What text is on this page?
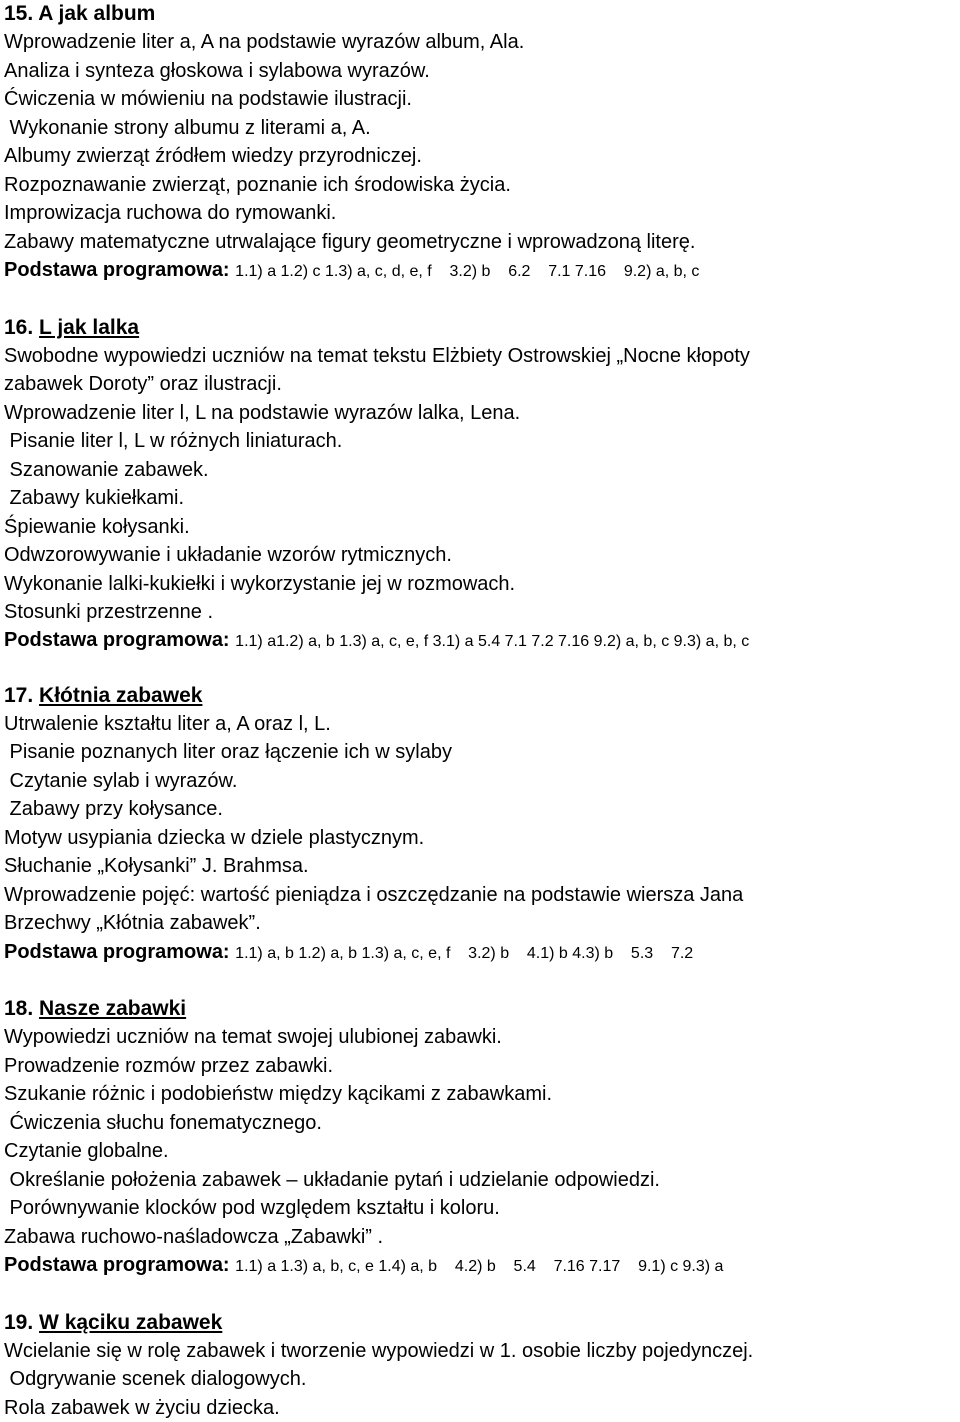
15. A jak album
Wprowadzenie liter a, A na podstawie wyrazów album, Ala.
Analiza i synteza głoskowa i sylabowa wyrazów.
Ćwiczenia w mówieniu na podstawie ilustracji.
Wykonanie strony albumu z literami a, A.
Albumy zwierząt źródłem wiedzy przyrodniczej.
Rozpoznawanie zwierząt, poznanie ich środowiska życia.
Improwizacja ruchowa do rymowanki.
Zabawy matematyczne utrwalające figury geometryczne i wprowadzoną literę.
Podstawa programowa: 1.1) a 1.2) c 1.3) a, c, d, e, f    3.2) b    6.2    7.1 7.16    9.2) a, b, c
16. L jak lalka
Swobodne wypowiedzi uczniów na temat tekstu Elżbiety Ostrowskiej „Nocne kłopoty
zabawek Doroty” oraz ilustracji.
Wprowadzenie liter l, L na podstawie wyrazów lalka, Lena.
Pisanie liter l, L w różnych liniaturach.
Szanowanie zabawek.
Zabawy kukiełkami.
Śpiewanie kołysanki.
Odwzorowywanie i układanie wzorów rytmicznych.
Wykonanie lalki-kukiełki i wykorzystanie jej w rozmowach.
Stosunki przestrzenne .
Podstawa programowa: 1.1) a1.2) a, b 1.3) a, c, e, f 3.1) a 5.4 7.1 7.2 7.16 9.2) a, b, c 9.3) a, b, c
17. Kłótnia zabawek
Utrwalenie kształtu liter a, A oraz l, L.
Pisanie poznanych liter oraz łączenie ich w sylaby
Czytanie sylab i wyrazów.
Zabawy przy kołysance.
Motyw usypiania dziecka w dziele plastycznym.
Słuchanie „Kołysanki” J. Brahmsa.
Wprowadzenie pojęć: wartość pieniądza i oszczędzanie na podstawie wiersza Jana
Brzechwy „Kłótnia zabawek”.
Podstawa programowa: 1.1) a, b 1.2) a, b 1.3) a, c, e, f    3.2) b    4.1) b 4.3) b    5.3    7.2
18. Nasze zabawki
Wypowiedzi uczniów na temat swojej ulubionej zabawki.
Prowadzenie rozmów przez zabawki.
Szukanie różnic i podobieństw między kącikami z zabawkami.
Ćwiczenia słuchu fonematycznego.
Czytanie globalne.
Określanie położenia zabawek – układanie pytań i udzielanie odpowiedzi.
Porównywanie klocków pod względem kształtu i koloru.
Zabawa ruchowo-naśladowcza „Zabawki” .
Podstawa programowa: 1.1) a 1.3) a, b, c, e 1.4) a, b    4.2) b    5.4    7.16 7.17    9.1) c 9.3) a
19. W kąciku zabawek
Wcielanie się w rolę zabawek i tworzenie wypowiedzi w 1. osobie liczby pojedynczej.
Odgrywanie scenek dialogowych.
Rola zabawek w życiu dziecka.
